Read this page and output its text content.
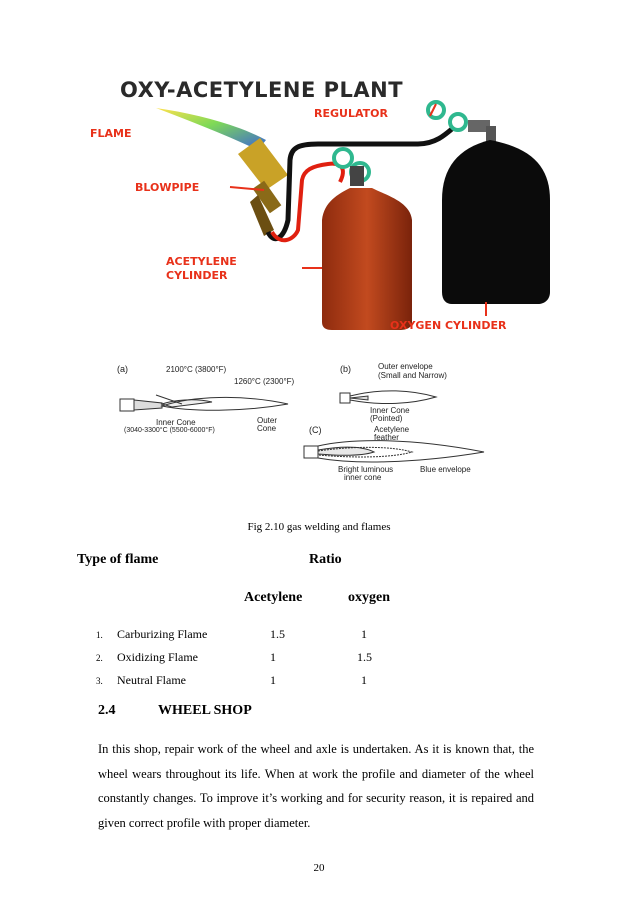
OXY-ACETYLENE PLANT
REGULATOR
FLAME
BLOWPIPE
ACETYLENE
CYLINDER
OXYGEN CYLINDER
(a)	2100°C (3800°F)
1260°C (2300°F)
Inner Cone
(3040-3300°C (5500-6000°F)
Outer
Cone
(b)	Outer envelope
(Small and Narrow)
Inner Cone
(Pointed)
(C)	Acetylene
feather
Bright luminous
inner cone
Blue envelope
Fig 2.10 gas welding and flames
Type of flame	Ratio
Acetylene	oxygen
1. Carburizing Flame	1.5	1
2. Oxidizing Flame	1	1.5
3. Neutral Flame	1	1
2.4	WHEEL SHOP
In this shop, repair work of the wheel and axle is undertaken. As it is known that, the wheel wears throughout its life. When at work the profile and diameter of the wheel constantly changes. To improve it’s working and for security reason, it is repaired and given correct profile with proper diameter.
20
